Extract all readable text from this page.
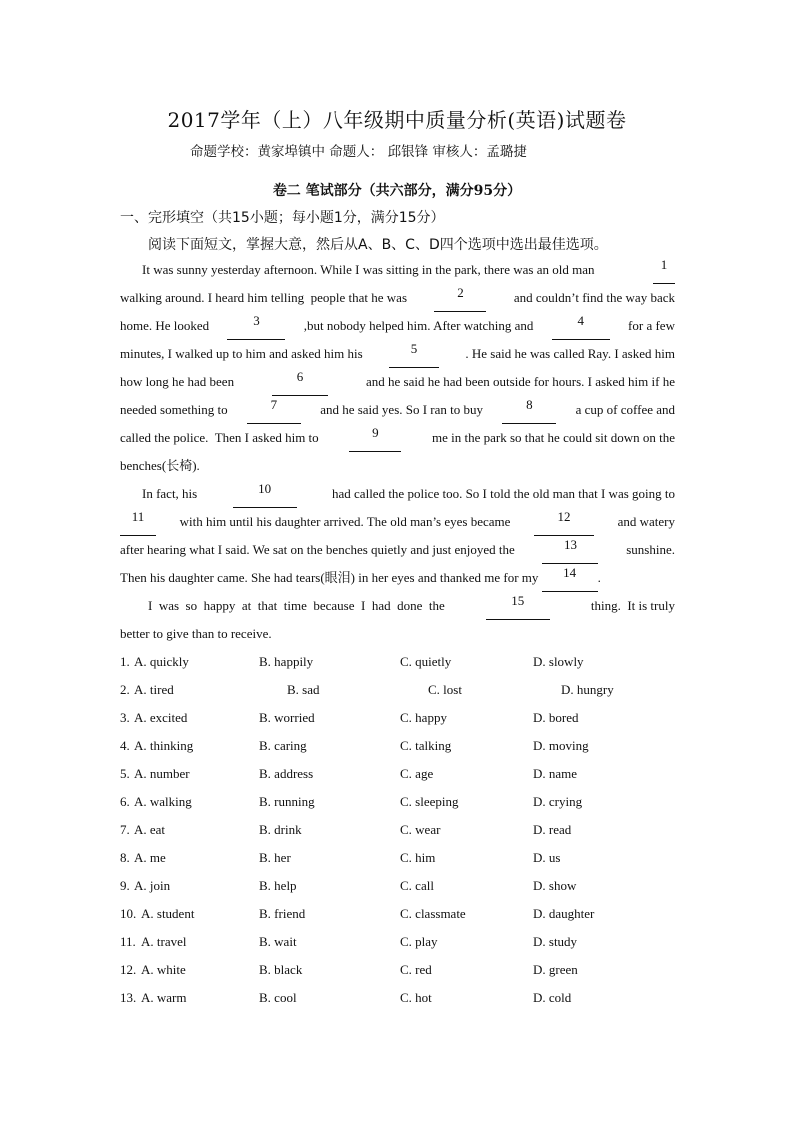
2017学年（上）八年级期中质量分析(英语)试题卷
命题学校：黄家埠镇中 命题人： 邱银锋 审核人：孟璐捷
卷二 笔试部分（共六部分，满分95分）
一、完形填空（共15小题；每小题1分，满分15分）
阅读下面短文，掌握大意，然后从A、B、C、D四个选项中选出最佳选项。
It was sunny yesterday afternoon. While I was sitting in the park, there was an old man	1
walking around. I heard him telling  people that he was	2	and couldn’t find the way back
home. He looked	3	,but nobody helped him. After watching and	4	for a few
minutes, I walked up to him and asked him his	5	. He said he was called Ray. I asked him
how long he had been	6	and he said he had been outside for hours. I asked him if he
needed something to	7	and he said yes. So I ran to buy	8	a cup of coffee and
called the police.  Then I asked him to	9	me in the park so that he could sit down on the
benches(长椅).
In fact, his	10	had called the police too. So I told the old man that I was going to
11	with him until his daughter arrived. The old man’s eyes became	12	and watery
after hearing what I said. We sat on the benches quietly and just enjoyed the	13	sunshine.
Then his daughter came. She had tears(眼泪) in her eyes and thanked me for my
	14	.
I  was  so  happy  at  that  time  because  I  had  done  the	15	thing.  It is truly
better to give than to receive.
1. A. quickly	B. happily	C. quietly	D. slowly
2. A. tired	B. sad	C. lost	D. hungry
3. A. excited	B. worried	C. happy	D. bored
4. A. thinking	B. caring	C. talking	D. moving
5. A. number	B. address	C. age	D. name
6. A. walking	B. running	C. sleeping	D. crying
7. A. eat	B. drink	C. wear	D. read
8. A. me	B. her	C. him	D. us
9. A. join	B. help	C. call	D. show
10. A. student	B. friend	C. classmate	D. daughter
11. A. travel	B. wait	C. play	D. study
12. A. white	B. black	C. red	D. green
13. A. warm	B. cool	C. hot	D. cold
